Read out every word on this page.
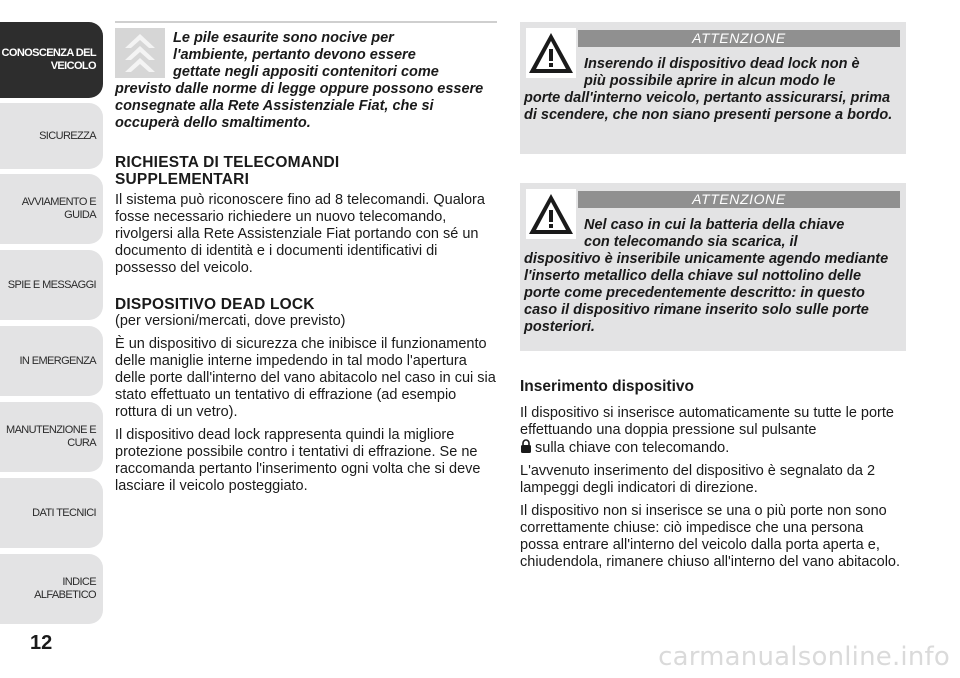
CONOSCENZA DEL
VEICOLO
SICUREZZA
AVVIAMENTO E
GUIDA
SPIE E MESSAGGI
IN EMERGENZA
MANUTENZIONE E
CURA
DATI TECNICI
INDICE ALFABETICO
12
Le pile esaurite sono nocive per
l'ambiente, pertanto devono essere
gettate negli appositi contenitori come
previsto dalle norme di legge oppure possono essere consegnate alla Rete Assistenziale Fiat, che si occuperà dello smaltimento.
RICHIESTA DI TELECOMANDI
SUPPLEMENTARI

Il sistema può riconoscere fino ad 8 telecomandi. Qualora fosse necessario richiedere un nuovo telecomando, rivolgersi alla Rete Assistenziale Fiat portando con sé un documento di identità e i documenti identificativi di possesso del veicolo.

DISPOSITIVO DEAD LOCK
(per versioni/mercati, dove previsto)

È un dispositivo di sicurezza che inibisce il funzionamento delle maniglie interne impedendo in tal modo l'apertura delle porte dall'interno del vano abitacolo nel caso in cui sia stato effettuato un tentativo di effrazione (ad esempio rottura di un vetro).

Il dispositivo dead lock rappresenta quindi la migliore protezione possibile contro i tentativi di effrazione. Se ne raccomanda pertanto l'inserimento ogni volta che si deve lasciare il veicolo posteggiato.

ATTENZIONE
Inserendo il dispositivo dead lock non è
più possibile aprire in alcun modo le
porte dall'interno veicolo, pertanto assicurarsi, prima di scendere, che non siano presenti persone a bordo.
ATTENZIONE
Nel caso in cui la batteria della chiave
con telecomando sia scarica, il
dispositivo è inseribile unicamente agendo mediante l'inserto metallico della chiave sul nottolino delle porte come precedentemente descritto: in questo caso il dispositivo rimane inserito solo sulle porte posteriori.
Inserimento dispositivo

Il dispositivo si inserisce automaticamente su tutte le porte effettuando una doppia pressione sul pulsante
sulla chiave con telecomando.

L'avvenuto inserimento del dispositivo è segnalato da 2 lampeggi degli indicatori di direzione.

Il dispositivo non si inserisce se una o più porte non sono correttamente chiuse: ciò impedisce che una persona possa entrare all'interno del veicolo dalla porta aperta e, chiudendola, rimanere chiuso all'interno del vano abitacolo.

carmanualsonline.info
